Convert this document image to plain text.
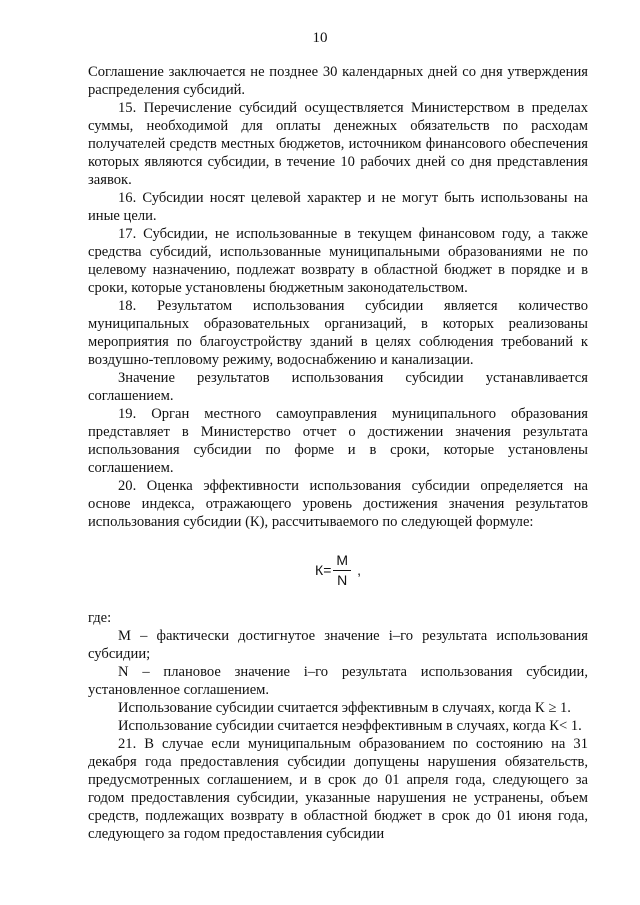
10

Соглашение заключается не позднее 30 календарных дней со дня утверждения распределения субсидий.

15. Перечисление субсидий осуществляется Министерством в пределах суммы, необходимой для оплаты денежных обязательств по расходам получателей средств местных бюджетов, источником финансового обеспечения которых являются субсидии, в течение 10 рабочих дней со дня представления заявок.

16. Субсидии носят целевой характер и не могут быть использованы на иные цели.

17. Субсидии, не использованные в текущем финансовом году, а также средства субсидий, использованные муниципальными образованиями не по целевому назначению, подлежат возврату в областной бюджет в порядке и в сроки, которые установлены бюджетным законодательством.

18. Результатом использования субсидии является количество муниципальных образовательных организаций, в которых реализованы мероприятия по благоустройству зданий в целях соблюдения требований к воздушно-тепловому режиму, водоснабжению и канализации.

Значение результатов использования субсидии устанавливается соглашением.

19. Орган местного самоуправления муниципального образования представляет в Министерство отчет о достижении значения результата использования субсидии по форме и в сроки, которые установлены соглашением.

20. Оценка эффективности использования субсидии определяется на основе индекса, отражающего уровень достижения значения результатов использования субсидии (К), рассчитываемого по следующей формуле:

$К= \frac{M}{N}$ ,

где:

М – фактически достигнутое значение i–го результата использования субсидии;

N – плановое значение i–го результата использования субсидии, установленное соглашением.

Использование субсидии считается эффективным в случаях, когда К ≥ 1.

Использование субсидии считается неэффективным в случаях, когда К< 1.

21. В случае если муниципальным образованием по состоянию на 31 декабря года предоставления субсидии допущены нарушения обязательств, предусмотренных соглашением, и в срок до 01 апреля года, следующего за годом предоставления субсидии, указанные нарушения не устранены, объем средств, подлежащих возврату в областной бюджет в срок до 01 июня года, следующего за годом предоставления субсидии
